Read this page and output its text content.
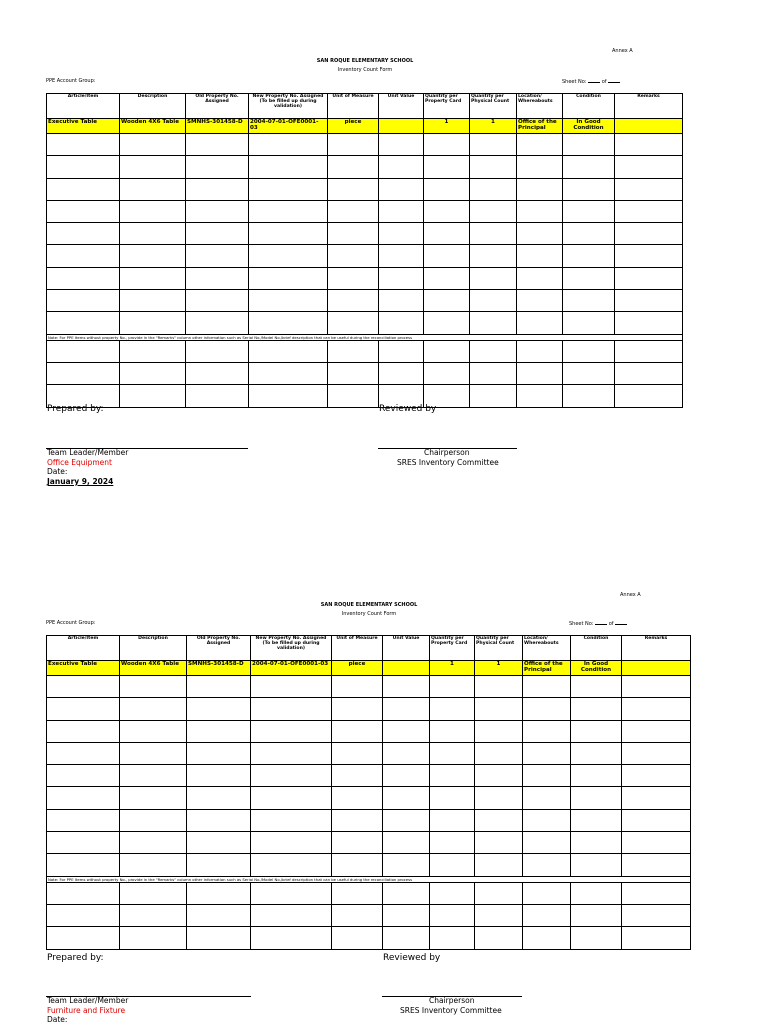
Annex A
SAN ROQUE ELEMENTARY SCHOOL
Inventory Count Form
PPE Account Group:	Sheet No:	of
Article/Item	Description	Old Property No. Assigned	New Property No. Assigned (To be filled up during validation)	Unit of Measure	Unit Value	Quantity per Property Card	Quantity per Physical Count	Location/ Whereabouts	Condition	Remarks
Executive Table	Wooden 4X6 Table	SMNHS-301458-D	2004-07-01-OFE0001-03	piece		1	1	Office of the Principal	In Good Condition	

Note: For PPE Items without property No., provide in the "Remarks" column other information such as Serial No./Model No./brief description that can be useful during the reconciliation process										

Prepared by:	Reviewed by
Team Leader/Member	Chairperson
Office Equipment	SRES Inventory Committee
Date:
January 9, 2024
Annex A
SAN ROQUE ELEMENTARY SCHOOL
Inventory Count Form
PPE Account Group:	Sheet No:	of
Article/Item	Description	Old Property No. Assigned	New Property No. Assigned (To be filled up during validation)	Unit of Measure	Unit Value	Quantity per Property Card	Quantity per Physical Count	Location/ Whereabouts	Condition	Remarks
Executive Table	Wooden 4X6 Table	SMNHS-301458-D	2004-07-01-OFE0001-03	piece		1	1	Office of the Principal	In Good Condition	

Note: For PPE Items without property No., provide in the "Remarks" column other information such as Serial No./Model No./brief description that can be useful during the reconciliation process										

Prepared by:	Reviewed by
Team Leader/Member	Chairperson
Furniture and Fixture	SRES Inventory Committee
Date:
